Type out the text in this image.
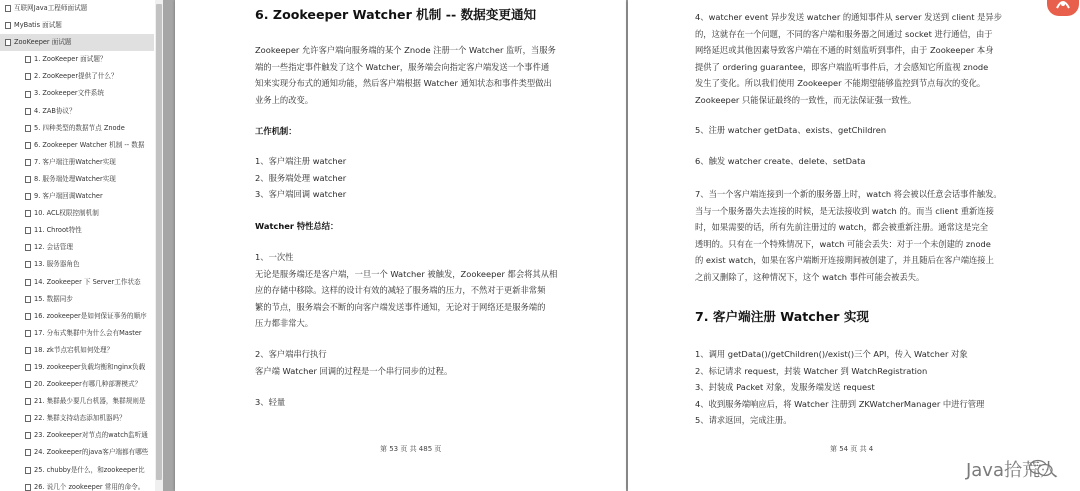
互联网Java工程师面试题
MyBatis 面试题
ZooKeeper 面试题
1. ZooKeeper 面试题？
2. ZooKeeper提供了什么？
3. Zookeeper文件系统
4. ZAB协议？
5. 四种类型的数据节点 Znode
6. Zookeeper Watcher 机制 -- 数据
7. 客户端注册Watcher实现
8. 服务端处理Watcher实现
9. 客户端回调Watcher
10. ACL权限控制机制
11. Chroot特性
12. 会话管理
13. 服务器角色
14. Zookeeper 下 Server工作状态
15. 数据同步
16. zookeeper是如何保证事务的顺序
17. 分布式集群中为什么会有Master
18. zk节点宕机如何处理？
19. zookeeper负载均衡和nginx负载
20. Zookeeper有哪几种部署模式？
21. 集群最少要几台机器，集群规则是
22. 集群支持动态添加机器吗？
23. Zookeeper对节点的watch监听通
24. Zookeeper的java客户端都有哪些
25. chubby是什么，和zookeeper比
26. 说几个 zookeeper 常用的命令。
6. Zookeeper Watcher 机制 -- 数据变更通知
Zookeeper 允许客户端向服务端的某个 Znode 注册一个 Watcher 监听，当服务
端的一些指定事件触发了这个 Watcher，服务端会向指定客户端发送一个事件通
知来实现分布式的通知功能，然后客户端根据 Watcher 通知状态和事件类型做出
业务上的改变。
工作机制：
1、客户端注册 watcher
2、服务端处理 watcher
3、客户端回调 watcher
Watcher 特性总结：
1、一次性
无论是服务端还是客户端，一旦一个 Watcher 被触发，Zookeeper 都会将其从相
应的存储中移除。这样的设计有效的减轻了服务端的压力，不然对于更新非常频
繁的节点，服务端会不断的向客户端发送事件通知，无论对于网络还是服务端的
压力都非常大。
2、客户端串行执行
客户端 Watcher 回调的过程是一个串行同步的过程。
3、轻量
第 53 页 共 485 页
4、watcher event 异步发送 watcher 的通知事件从 server 发送到 client 是异步
的，这就存在一个问题，不同的客户端和服务器之间通过 socket 进行通信，由于
网络延迟或其他因素导致客户端在不通的时刻监听到事件，由于 Zookeeper 本身
提供了 ordering guarantee，即客户端监听事件后，才会感知它所监视 znode
发生了变化。所以我们使用 Zookeeper 不能期望能够监控到节点每次的变化。
Zookeeper 只能保证最终的一致性，而无法保证强一致性。
5、注册 watcher getData、exists、getChildren
6、触发 watcher create、delete、setData
7、当一个客户端连接到一个新的服务器上时，watch 将会被以任意会话事件触发。
当与一个服务器失去连接的时候，是无法接收到 watch 的。而当 client 重新连接
时，如果需要的话，所有先前注册过的 watch，都会被重新注册。通常这是完全
透明的。只有在一个特殊情况下，watch 可能会丢失：对于一个未创建的 znode
的 exist watch，如果在客户端断开连接期间被创建了，并且随后在客户端连接上
之前又删除了，这种情况下，这个 watch 事件可能会被丢失。
7. 客户端注册 Watcher 实现
1、调用 getData()/getChildren()/exist()三个 API，传入 Watcher 对象
2、标记请求 request，封装 Watcher 到 WatchRegistration
3、封装成 Packet 对象，发服务端发送 request
4、收到服务端响应后，将 Watcher 注册到 ZKWatcherManager 中进行管理
5、请求返回，完成注册。
第 54 页 共 4
Java拾荒人
